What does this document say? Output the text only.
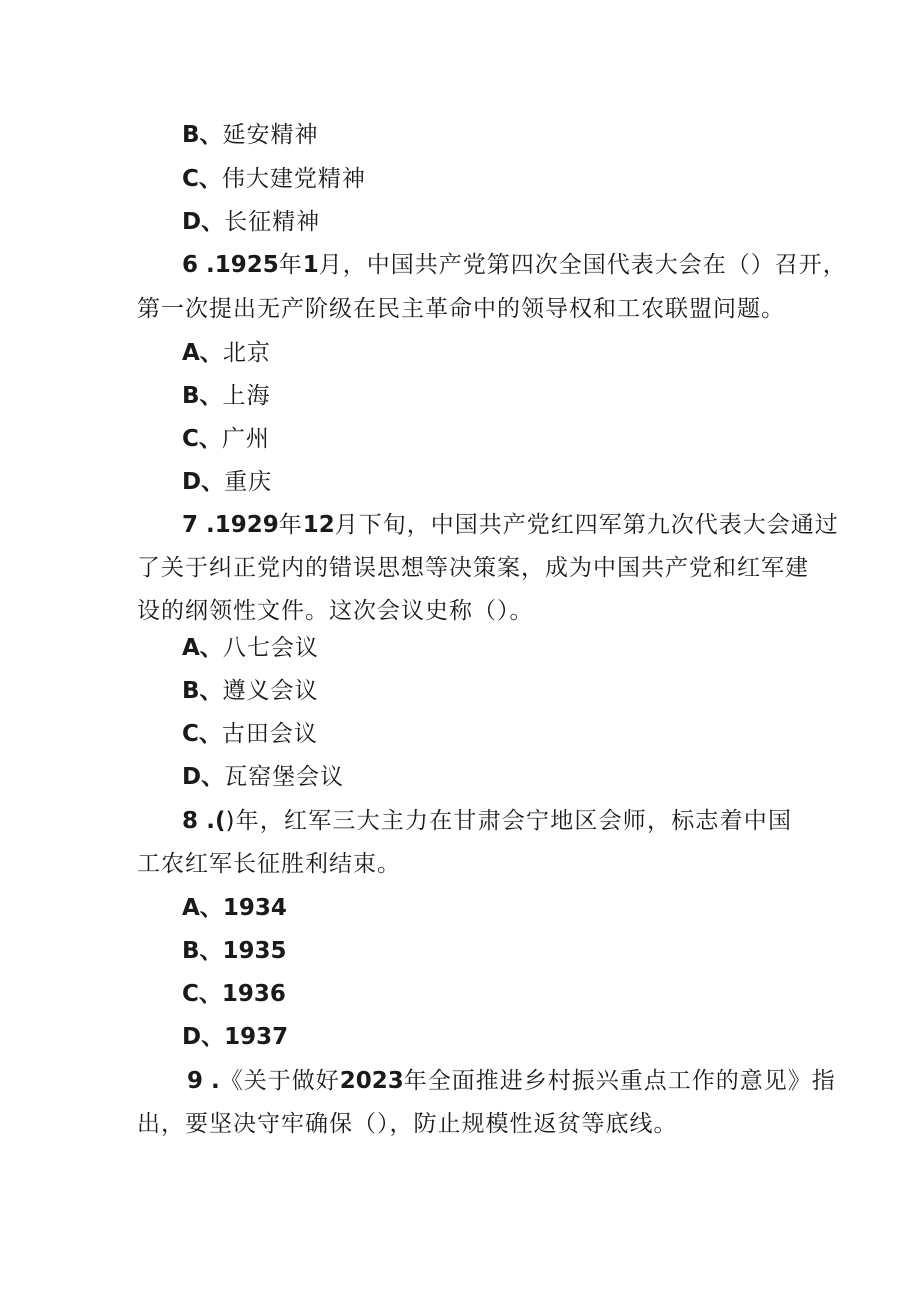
B、延安精神
C、伟大建党精神
D、长征精神
6 .1925年1月，中国共产党第四次全国代表大会在（）召开，
第一次提出无产阶级在民主革命中的领导权和工农联盟问题。
A、北京
B、上海
C、广州
D、重庆
7 .1929年12月下旬，中国共产党红四军第九次代表大会通过
了关于纠正党内的错误思想等决策案，成为中国共产党和红军建
设的纲领性文件。这次会议史称（）。
A、八七会议
B、遵义会议
C、古田会议
D、瓦窑堡会议
8 .()年，红军三大主力在甘肃会宁地区会师，标志着中国
工农红军长征胜利结束。
A、1934
B、1935
C、1936
D、1937
9 .《关于做好2023年全面推进乡村振兴重点工作的意见》指
出，要坚决守牢确保（），防止规模性返贫等底线。
